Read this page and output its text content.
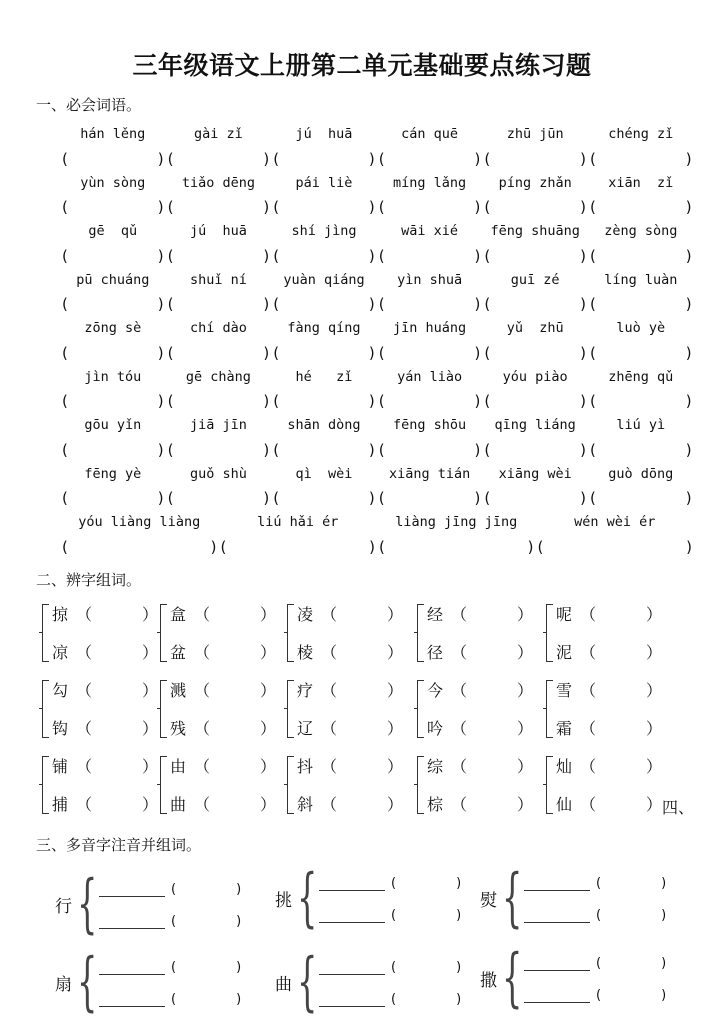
三年级语文上册第二单元基础要点练习题
一、必会词语。
hán lěng	gài zǐ	jú  huā	cán quē	zhū jūn	chéng zǐ
(	) (	) (	) (	) (	) (	)
yùn sòng	tiǎo dēng	pái liè	míng lǎng	píng zhǎn	xiān  zǐ
(	) (	) (	) (	) (	) (	)
gē  qǔ	jú  huā	shí jìng	wāi xié	fēng shuāng	zèng sòng
(	) (	) (	) (	) (	) (	)
pū chuáng	shuǐ ní	yuàn qiáng	yìn shuā	guī zé	líng luàn
(	) (	) (	) (	) (	) (	)
zōng sè	chí dào	fàng qíng	jīn huáng	yǔ  zhū	luò yè
(	) (	) (	) (	) (	) (	)
jìn tóu	gē chàng	hé   zǐ	yán liào	yóu piào	zhēng qǔ
(	) (	) (	) (	) (	) (	)
gōu yǐn	jiā jīn	shān dòng	fēng shōu	qīng liáng	liú yì
(	) (	) (	) (	) (	) (	)
fēng yè	guǒ shù	qì  wèi	xiāng tián	xiāng wèi	guò dōng
(	) (	) (	) (	) (	) (	)
yóu liàng liàng	liú hǎi ér	liàng jīng jīng	wén wèi ér
(	) (	) (	) (	)
二、辨字组词。
掠 （	）
凉 （	）
盒 （	）
盆 （	）
凌 （	）
棱 （	）
经 （	）
径 （	）
呢 （	）
泥 （	）
勾 （	）
钩 （	）
溅 （	）
残 （	）
疗 （	）
辽 （	）
今 （	）
吟 （	）
雪 （	）
霜 （	）
铺 （	）
捕 （	）
由 （	）
曲 （	）
抖 （	）
斜 （	）
综 （	）
棕 （	）
灿 （	）
仙 （	） 四、
三、多音字注音并组词。
行 {	(	)
(	)
挑 {	(	)
(	)
熨 {	(	)
(	)
扇 {	(	)
(	)
曲 {	(	)
(	)
撒 {	(	)
(	)
